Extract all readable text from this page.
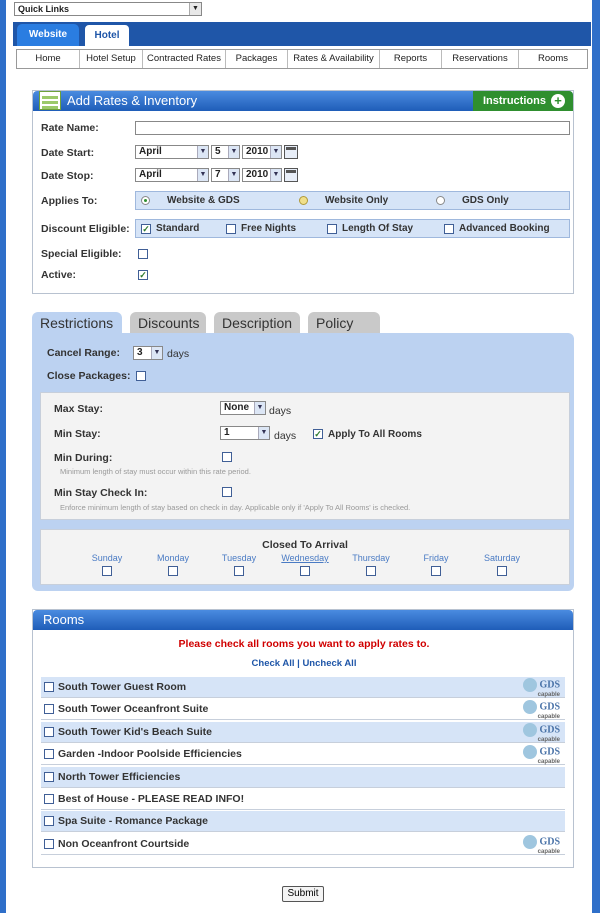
Quick Links	▼
Website	Hotel
Home	Hotel Setup	Contracted Rates	Packages	Rates & Availability	Reports	Reservations	Rooms
Add Rates & Inventory	Instructions +
Rate Name:
Date Start:	April	▼ 5	▼ 2010 ▼
Date Stop:	April	▼ 7	▼ 2010 ▼
Applies To:	Website & GDS	Website Only	GDS Only
Discount Eligible: ✓ Standard	Free Nights	Length Of Stay	Advanced Booking
Special Eligible:
Active:	✓
Restrictions	Discounts	Description	Policy
Cancel Range:	3	▼ days
Close Packages:
Max Stay:	None	▼ days
Min Stay:	1	▼ days ✓ Apply To All Rooms
Min During:
Minimum length of stay must occur within this rate period.
Min Stay Check In:
Enforce minimum length of stay based on check in day. Applicable only if 'Apply To All Rooms' is checked.
Closed To Arrival
Sunday	Monday	Tuesday	Wednesday	Thursday	Friday	Saturday
Rooms
Please check all rooms you want to apply rates to.
Check All | Uncheck All
South Tower Guest Room	GDS
capable
South Tower Oceanfront Suite	GDS
capable
South Tower Kid's Beach Suite	GDS
capable
Garden -Indoor Poolside Efficiencies	GDS
capable
North Tower Efficiencies
Best of House - PLEASE READ INFO!
Spa Suite - Romance Package
Non Oceanfront Courtside	GDS
capable
Submit
